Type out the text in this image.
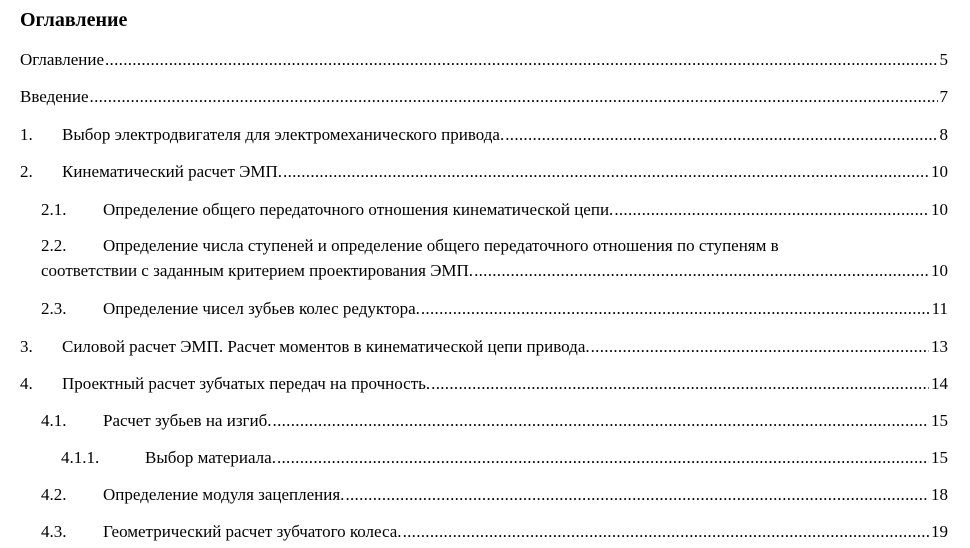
Оглавление
Оглавление .....	5
Введение .....	7
1.	Выбор электродвигателя для электромеханического привода. .....	8
2.	Кинематический расчет ЭМП. .....	10
2.1.	Определение общего передаточного отношения кинематической цепи. .....	10
2.2.	Определение числа ступеней и определение общего передаточного отношения по ступеням в
соответствии с заданным критерием проектирования ЭМП. .....	10
2.3.	Определение чисел зубьев колес редуктора. .....	11
3.	Силовой расчет ЭМП. Расчет моментов в кинематической цепи привода. .....	13
4.	Проектный расчет зубчатых передач на прочность. .....	14
4.1.	Расчет зубьев на изгиб. .....	15
4.1.1.	Выбор материала. .....	15
4.2.	Определение модуля зацепления. .....	18
4.3.	Геометрический расчет зубчатого колеса. .....	19
